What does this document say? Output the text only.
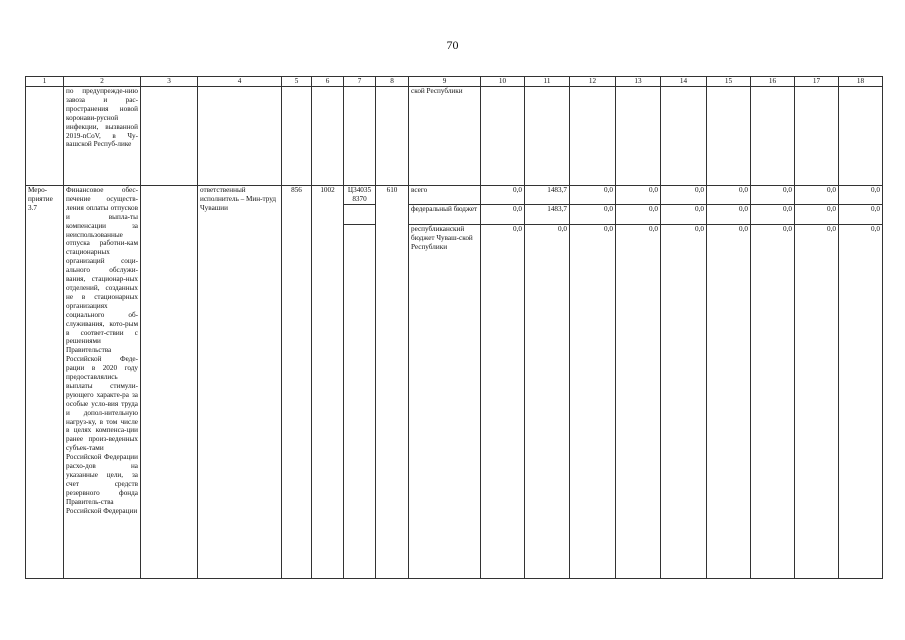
70
1	2	3	4	5	6	7	8	9	10	11	12	13	14	15	16	17	18
	по предупрежде-нию завоза и рас-пространения новой коронави-русной инфекции, вызванной 2019-nCoV, в Чу-вашской Респуб-лике							ской Республики									
Меро-приятие 3.7	Финансовое обес-печение осуществ-ления оплаты отпусков и выпла-ты компенсации за неиспользованные отпуска работни-кам стационарных организаций соци-ального обслужи-вания, стационар-ных отделений, созданных не в стационарных организациях социального об-служивания, кото-рым в соответ-ствии с решениями Правительства Российской Феде-рации в 2020 году предоставлялись выплаты стимули-рующего характе-ра за особые усло-вия труда и допол-нительную нагруз-ку, в том числе в целях компенса-ции ранее произ-веденных субъек-тами Российской Федерации расхо-дов на указанные цели, за счет средств резервного фонда Правитель-ства Российской Федерации		ответственный исполнитель – Мин-труд Чувашии	856	1002	Ц34035 8370	610	всего	0,0	1483,7	0,0	0,0	0,0	0,0	0,0	0,0	0,0
								федеральный бюджет	0,0	1483,7	0,0	0,0	0,0	0,0	0,0	0,0	0,0
								республиканский бюджет Чуваш-ской Республики	0,0	0,0	0,0	0,0	0,0	0,0	0,0	0,0	0,0
